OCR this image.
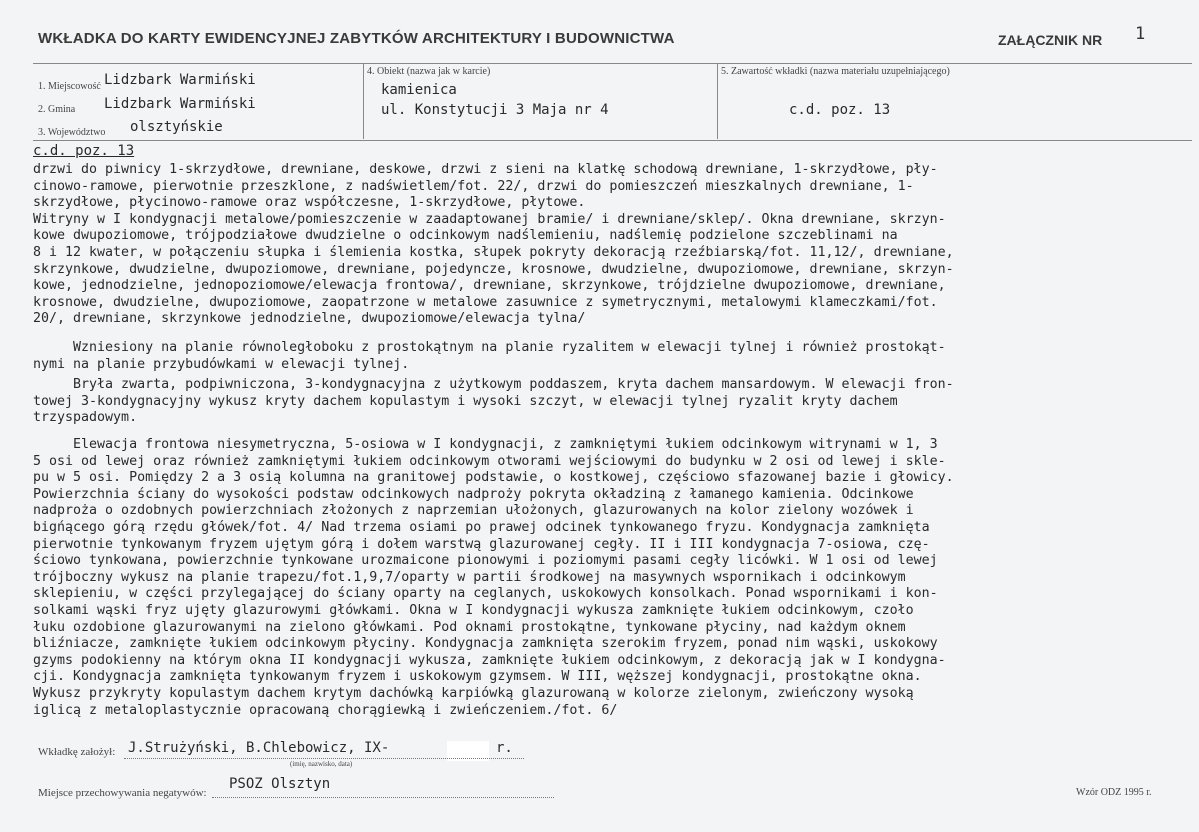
WKŁADKA DO KARTY EWIDENCYJNEJ ZABYTKÓW ARCHITEKTURY I BUDOWNICTWA	ZAŁĄCZNIK NR 1
1. Miejscowość Lidzbark Warmiński
2. Gmina Lidzbark Warmiński
3. Województwo olsztyńskie
4. Obiekt (nazwa jak w karcie)
kamienica
ul. Konstytucji 3 Maja nr 4
5. Zawartość wkładki (nazwa materiału uzupełniającego)
c.d. poz. 13
c.d. poz. 13
drzwi do piwnicy 1-skrzydłowe, drewniane, deskowe, drzwi z sieni na klatkę schodową drewniane, 1-skrzydłowe, pły-
cinowo-ramowe, pierwotnie przeszklone, z nadświetlem/fot. 22/, drzwi do pomieszczeń mieszkalnych drewniane, 1-
skrzydłowe, płycinowo-ramowe oraz współczesne, 1-skrzydłowe, płytowe.
Witryny w I kondygnacji metalowe/pomieszczenie w zaadaptowanej bramie/ i drewniane/sklep/. Okna drewniane, skrzyn-
kowe dwupoziomowe, trójpodziałowe dwudzielne o odcinkowym nadślemieniu, nadślemię podzielone szczeblinami na
8 i 12 kwater, w połączeniu słupka i ślemienia kostka, słupek pokryty dekoracją rzeźbiarską/fot. 11,12/, drewniane,
skrzynkowe, dwudzielne, dwupoziomowe, drewniane, pojedyncze, krosnowe, dwudzielne, dwupoziomowe, drewniane, skrzyn-
kowe, jednodzielne, jednopoziomowe/elewacja frontowa/, drewniane, skrzynkowe, trójdzielne dwupoziomowe, drewniane,
krosnowe, dwudzielne, dwupoziomowe, zaopatrzone w metalowe zasuwnice z symetrycznymi, metalowymi klameczkami/fot.
20/, drewniane, skrzynkowe jednodzielne, dwupoziomowe/elewacja tylna/
Wzniesiony na planie równoległoboku z prostokątnym na planie ryzalitem w elewacji tylnej i również prostokąt-
nymi na planie przybudówkami w elewacji tylnej.
Bryła zwarta, podpiwniczona, 3-kondygnacyjna z użytkowym poddaszem, kryta dachem mansardowym. W elewacji fron-
towej 3-kondygnacyjny wykusz kryty dachem kopulastym i wysoki szczyt, w elewacji tylnej ryzalit kryty dachem
trzyspadowym.
Elewacja frontowa niesymetryczna, 5-osiowa w I kondygnacji, z zamkniętymi łukiem odcinkowym witrynami w 1, 3
5 osi od lewej oraz również zamkniętymi łukiem odcinkowym otworami wejściowymi do budynku w 2 osi od lewej i skle-
pu w 5 osi. Pomiędzy 2 a 3 osią kolumna na granitowej podstawie, o kostkowej, częściowo sfazowanej bazie i głowicy.
Powierzchnia ściany do wysokości podstaw odcinkowych nadproży pokryta okładziną z łamanego kamienia. Odcinkowe
nadproża o ozdobnych powierzchniach złożonych z naprzemian ułożonych, glazurowanych na kolor zielony wozówek i
bigńącego górą rzędu główek/fot. 4/ Nad trzema osiami po prawej odcinek tynkowanego fryzu. Kondygnacja zamknięta
pierwotnie tynkowanym fryzem ujętym górą i dołem warstwą glazurowanej cegły. II i III kondygnacja 7-osiowa, czę-
ściowo tynkowana, powierzchnie tynkowane urozmaicone pionowymi i poziomymi pasami cegły licówki. W 1 osi od lewej
trójboczny wykusz na planie trapezu/fot.1,9,7/oparty w partii środkowej na masywnych wspornikach i odcinkowym
sklepieniu, w części przylegającej do ściany oparty na ceglanych, uskokowych konsolkach. Ponad wspornikami i kon-
solkami wąski fryz ujęty glazurowymi główkami. Okna w I kondygnacji wykusza zamknięte łukiem odcinkowym, czoło
łuku ozdobione glazurowanymi na zielono główkami. Pod oknami prostokątne, tynkowane płyciny, nad każdym oknem
bliźniacze, zamknięte łukiem odcinkowym płyciny. Kondygnacja zamknięta szerokim fryzem, ponad nim wąski, uskokowy
gzyms podokienny na którym okna II kondygnacji wykusza, zamknięte łukiem odcinkowym, z dekoracją jak w I kondygna-
cji. Kondygnacja zamknięta tynkowanym fryzem i uskokowym gzymsem. W III, węższej kondygnacji, prostokątne okna.
Wykusz przykryty kopulastym dachem krytym dachówką karpiówką glazurowaną w kolorze zielonym, zwieńczony wysoką
iglicą z metaloplastycznie opracowaną chorągiewką i zwieńczeniem./fot. 6/
Wkładkę założył: J.Strużyński, B.Chlebowicz, IX-	r.
(imię, nazwisko, data)
Miejsce przechowywania negatywów:
PSOZ Olsztyn
Wzór ODZ 1995 r.
